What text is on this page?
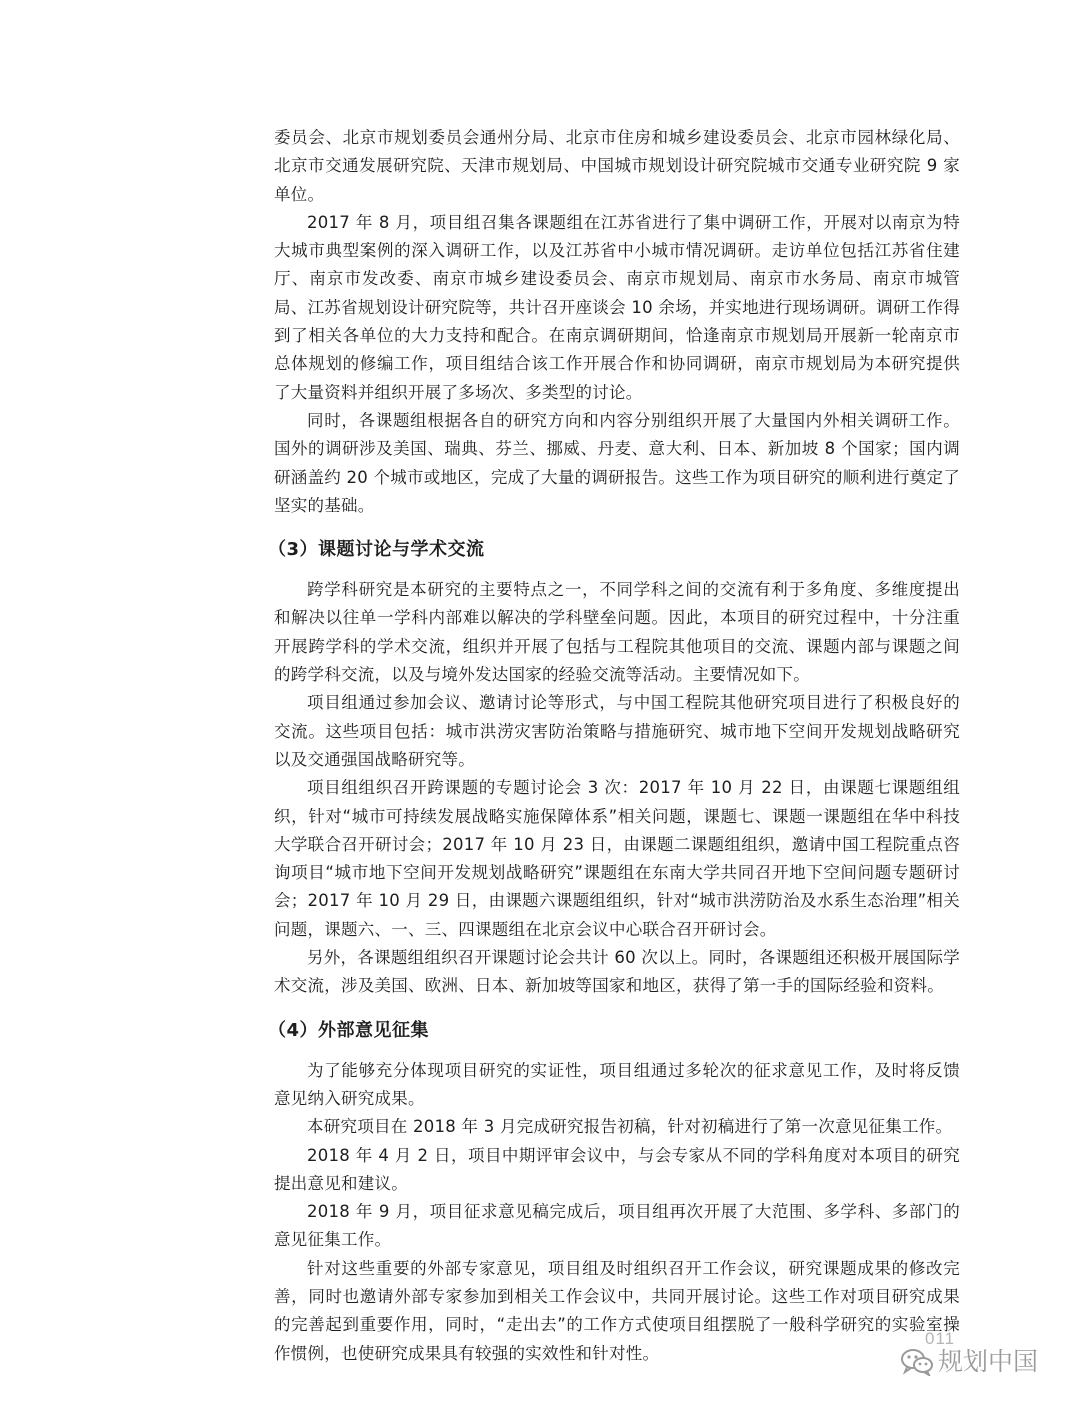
委员会、北京市规划委员会通州分局、北京市住房和城乡建设委员会、北京市园林绿化局、北京市交通发展研究院、天津市规划局、中国城市规划设计研究院城市交通专业研究院 9 家单位。

2017 年 8 月，项目组召集各课题组在江苏省进行了集中调研工作，开展对以南京为特大城市典型案例的深入调研工作，以及江苏省中小城市情况调研。走访单位包括江苏省住建厅、南京市发改委、南京市城乡建设委员会、南京市规划局、南京市水务局、南京市城管局、江苏省规划设计研究院等，共计召开座谈会 10 余场，并实地进行现场调研。调研工作得到了相关各单位的大力支持和配合。在南京调研期间，恰逢南京市规划局开展新一轮南京市总体规划的修编工作，项目组结合该工作开展合作和协同调研，南京市规划局为本研究提供了大量资料并组织开展了多场次、多类型的讨论。

同时，各课题组根据各自的研究方向和内容分别组织开展了大量国内外相关调研工作。国外的调研涉及美国、瑞典、芬兰、挪威、丹麦、意大利、日本、新加坡 8 个国家；国内调研涵盖约 20 个城市或地区，完成了大量的调研报告。这些工作为项目研究的顺利进行奠定了坚实的基础。

（3）课题讨论与学术交流

跨学科研究是本研究的主要特点之一，不同学科之间的交流有利于多角度、多维度提出和解决以往单一学科内部难以解决的学科壁垒问题。因此，本项目的研究过程中，十分注重开展跨学科的学术交流，组织并开展了包括与工程院其他项目的交流、课题内部与课题之间的跨学科交流，以及与境外发达国家的经验交流等活动。主要情况如下。

项目组通过参加会议、邀请讨论等形式，与中国工程院其他研究项目进行了积极良好的交流。这些项目包括：城市洪涝灾害防治策略与措施研究、城市地下空间开发规划战略研究以及交通强国战略研究等。

项目组组织召开跨课题的专题讨论会 3 次：2017 年 10 月 22 日，由课题七课题组组织，针对“城市可持续发展战略实施保障体系”相关问题，课题七、课题一课题组在华中科技大学联合召开研讨会；2017 年 10 月 23 日，由课题二课题组组织，邀请中国工程院重点咨询项目“城市地下空间开发规划战略研究”课题组在东南大学共同召开地下空间问题专题研讨会；2017 年 10 月 29 日，由课题六课题组组织，针对“城市洪涝防治及水系生态治理”相关问题，课题六、一、三、四课题组在北京会议中心联合召开研讨会。

另外，各课题组组织召开课题讨论会共计 60 次以上。同时，各课题组还积极开展国际学术交流，涉及美国、欧洲、日本、新加坡等国家和地区，获得了第一手的国际经验和资料。

（4）外部意见征集

为了能够充分体现项目研究的实证性，项目组通过多轮次的征求意见工作，及时将反馈意见纳入研究成果。

本研究项目在 2018 年 3 月完成研究报告初稿，针对初稿进行了第一次意见征集工作。

2018 年 4 月 2 日，项目中期评审会议中，与会专家从不同的学科角度对本项目的研究提出意见和建议。

2018 年 9 月，项目征求意见稿完成后，项目组再次开展了大范围、多学科、多部门的意见征集工作。

针对这些重要的外部专家意见，项目组及时组织召开工作会议，研究课题成果的修改完善，同时也邀请外部专家参加到相关工作会议中，共同开展讨论。这些工作对项目研究成果的完善起到重要作用，同时，“走出去”的工作方式使项目组摆脱了一般科学研究的实验室操作惯例，也使研究成果具有较强的实效性和针对性。

011
规划中国
